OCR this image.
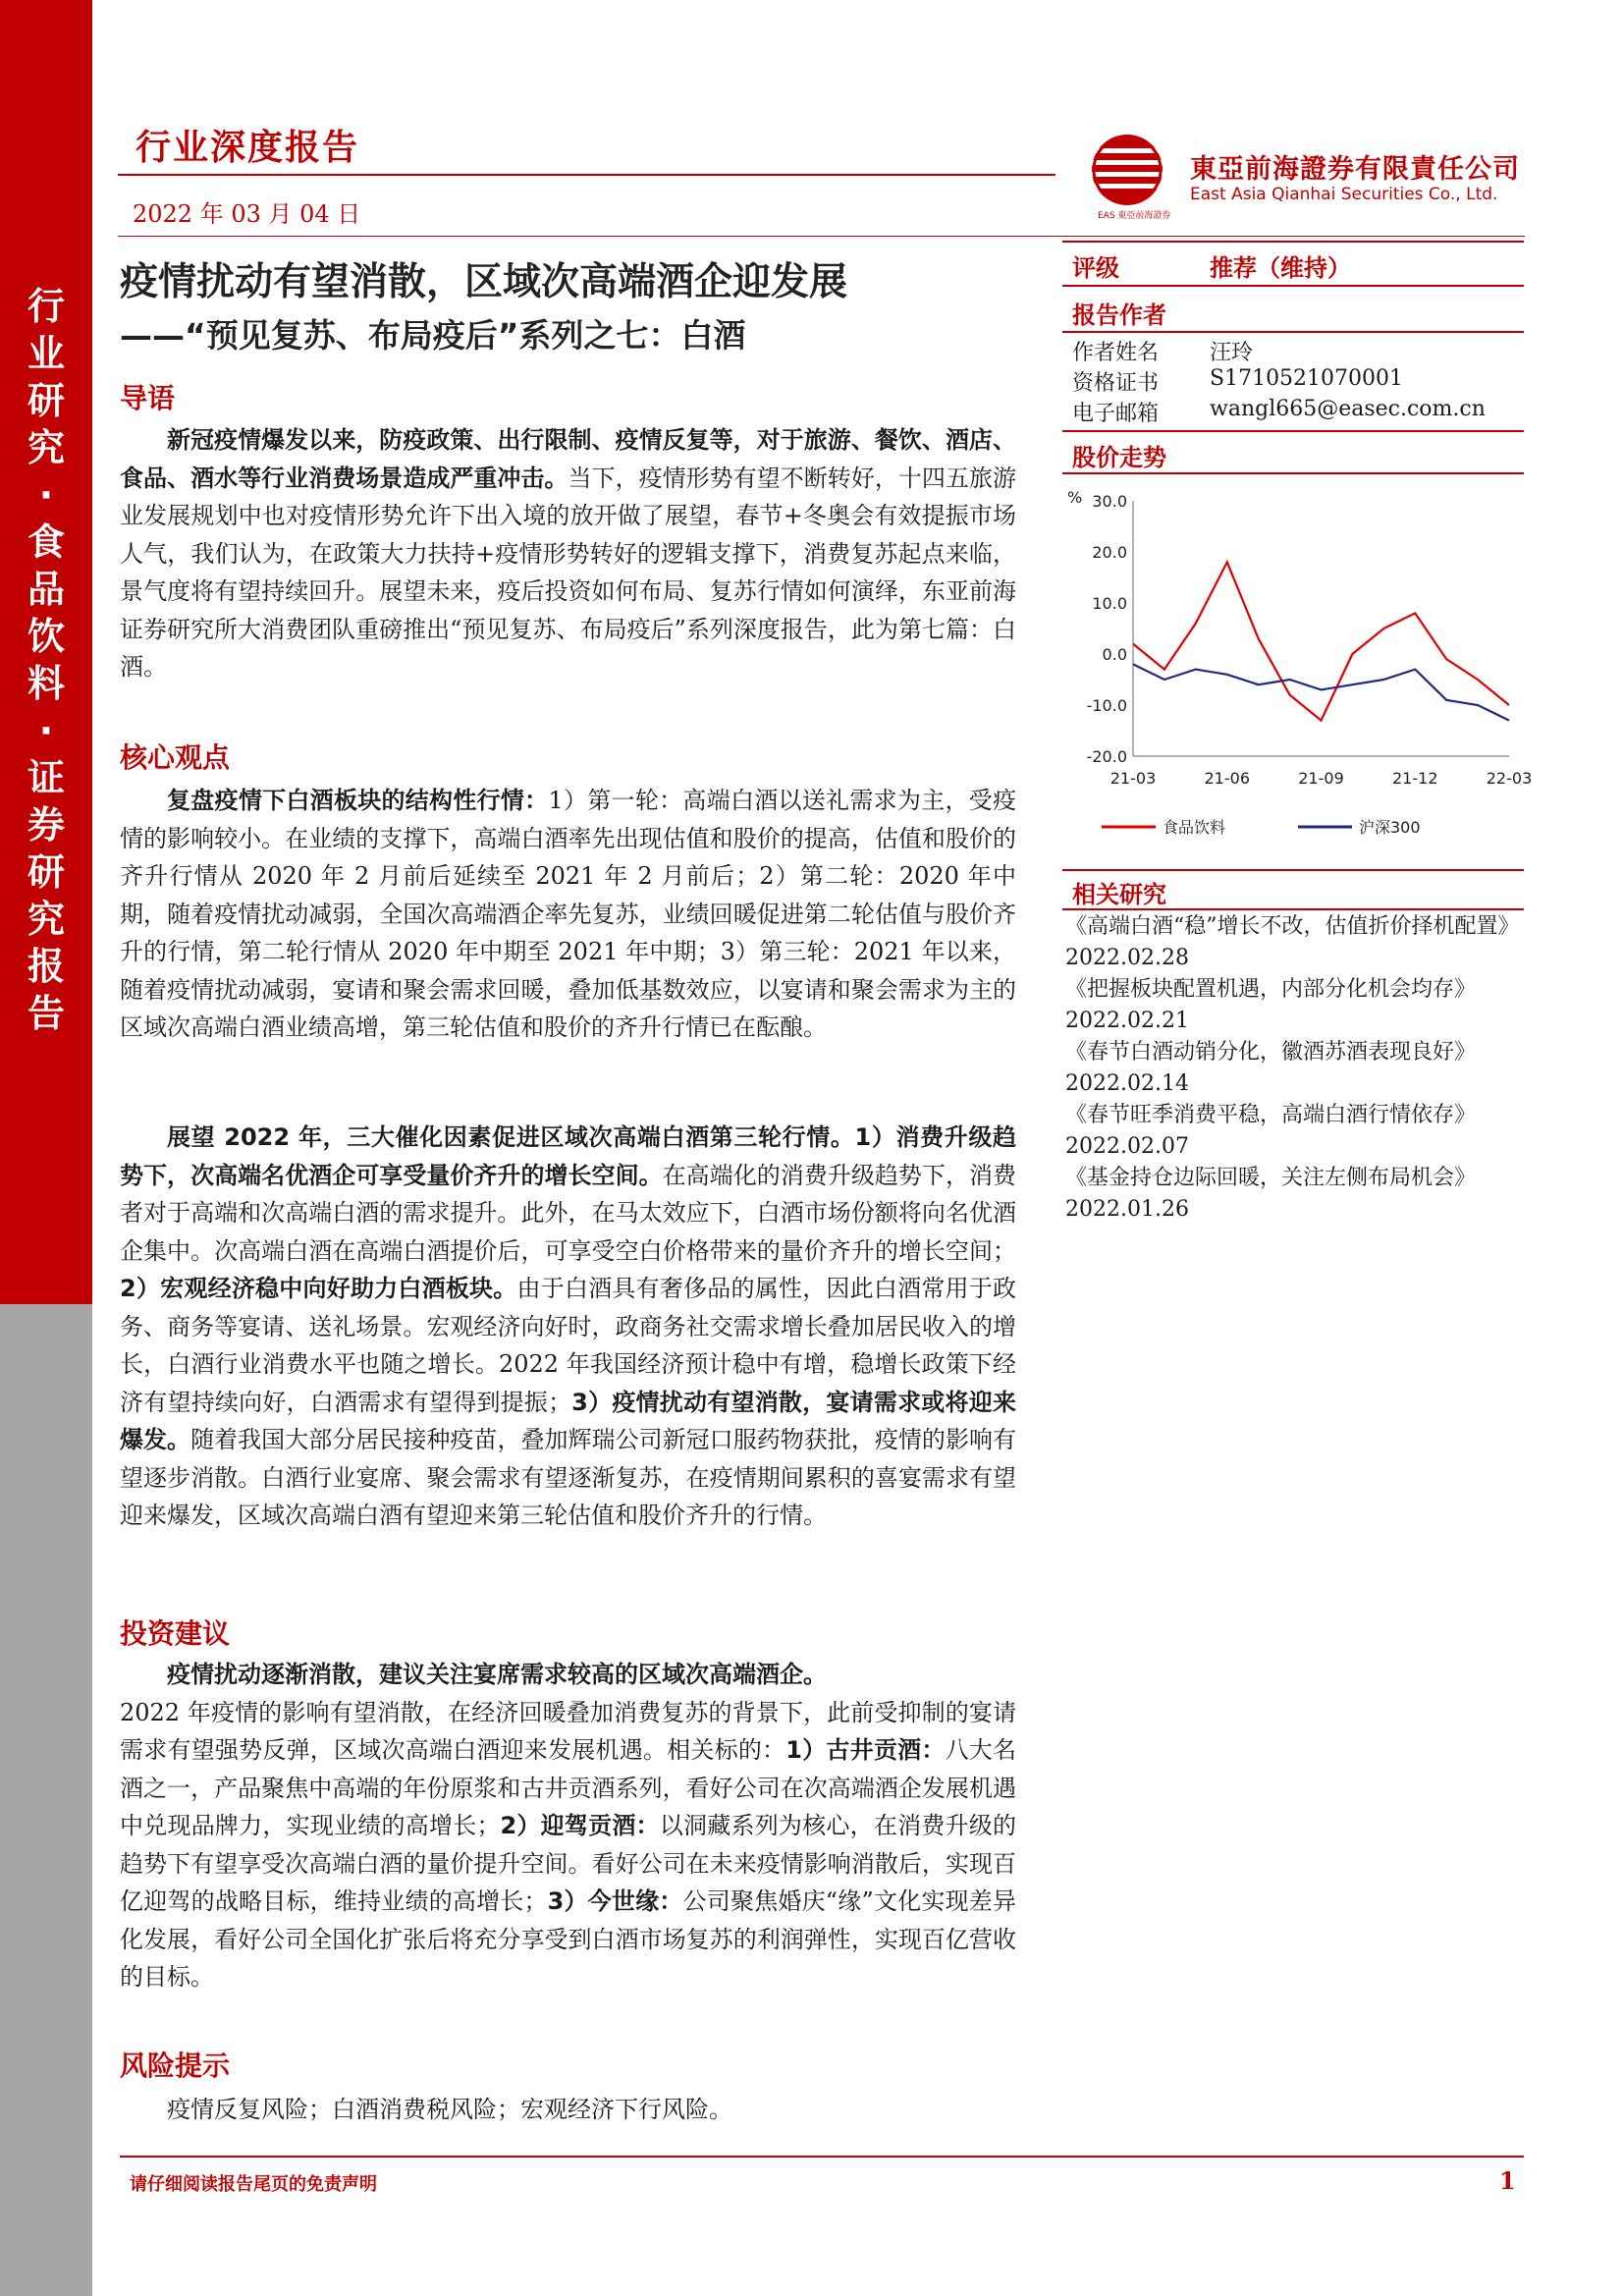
行业研究·食品饮料·证券研究报告
行业深度报告
2022 年 03 月 04 日	EAS 東亞前海證券
東亞前海證券有限責任公司
East Asia Qianhai Securities Co., Ltd.
疫情扰动有望消散，区域次高端酒企迎发展
——“预见复苏、布局疫后”系列之七：白酒
导语

新冠疫情爆发以来，防疫政策、出行限制、疫情反复等，对于旅游、餐饮、酒店、食品、酒水等行业消费场景造成严重冲击。当下，疫情形势有望不断转好，十四五旅游业发展规划中也对疫情形势允许下出入境的放开做了展望，春节+冬奥会有效提振市场人气，我们认为，在政策大力扶持+疫情形势转好的逻辑支撑下，消费复苏起点来临，景气度将有望持续回升。展望未来，疫后投资如何布局、复苏行情如何演绎，东亚前海证券研究所大消费团队重磅推出“预见复苏、布局疫后”系列深度报告，此为第七篇：白酒。

核心观点

复盘疫情下白酒板块的结构性行情：1）第一轮：高端白酒以送礼需求为主，受疫情的影响较小。在业绩的支撑下，高端白酒率先出现估值和股价的提高，估值和股价的齐升行情从 2020 年 2 月前后延续至 2021 年 2 月前后；2）第二轮：2020 年中期，随着疫情扰动减弱，全国次高端酒企率先复苏，业绩回暖促进第二轮估值与股价齐升的行情，第二轮行情从 2020 年中期至 2021 年中期；3）第三轮：2021 年以来，随着疫情扰动减弱，宴请和聚会需求回暖，叠加低基数效应，以宴请和聚会需求为主的区域次高端白酒业绩高增，第三轮估值和股价的齐升行情已在酝酿。

展望 2022 年，三大催化因素促进区域次高端白酒第三轮行情。1）消费升级趋势下，次高端名优酒企可享受量价齐升的增长空间。在高端化的消费升级趋势下，消费者对于高端和次高端白酒的需求提升。此外，在马太效应下，白酒市场份额将向名优酒企集中。次高端白酒在高端白酒提价后，可享受空白价格带来的量价齐升的增长空间；2）宏观经济稳中向好助力白酒板块。由于白酒具有奢侈品的属性，因此白酒常用于政务、商务等宴请、送礼场景。宏观经济向好时，政商务社交需求增长叠加居民收入的增长，白酒行业消费水平也随之增长。2022 年我国经济预计稳中有增，稳增长政策下经济有望持续向好，白酒需求有望得到提振；3）疫情扰动有望消散，宴请需求或将迎来爆发。随着我国大部分居民接种疫苗，叠加辉瑞公司新冠口服药物获批，疫情的影响有望逐步消散。白酒行业宴席、聚会需求有望逐渐复苏，在疫情期间累积的喜宴需求有望迎来爆发，区域次高端白酒有望迎来第三轮估值和股价齐升的行情。

投资建议

疫情扰动逐渐消散，建议关注宴席需求较高的区域次高端酒企。

2022 年疫情的影响有望消散，在经济回暖叠加消费复苏的背景下，此前受抑制的宴请需求有望强势反弹，区域次高端白酒迎来发展机遇。相关标的：1）古井贡酒：八大名酒之一，产品聚焦中高端的年份原浆和古井贡酒系列，看好公司在次高端酒企发展机遇中兑现品牌力，实现业绩的高增长；2）迎驾贡酒：以洞藏系列为核心，在消费升级的趋势下有望享受次高端白酒的量价提升空间。看好公司在未来疫情影响消散后，实现百亿迎驾的战略目标，维持业绩的高增长；3）今世缘：公司聚焦婚庆“缘”文化实现差异化发展，看好公司全国化扩张后将充分享受到白酒市场复苏的利润弹性，实现百亿营收的目标。

风险提示

疫情反复风险；白酒消费税风险；宏观经济下行风险。

评级	推荐（维持）
报告作者
作者姓名 汪玲
资格证书 S1710521070001
电子邮箱 wangl665@easec.com.cn
股价走势
% 30.0
20.0
10.0
0.0
-10.0
-20.0
21-03	21-06	21-09	21-12	22-03
食品饮料	沪深300
相关研究
《高端白酒“稳”增长不改，估值折价择机配置》2022.02.28
《把握板块配置机遇，内部分化机会均存》2022.02.21
《春节白酒动销分化，徽酒苏酒表现良好》2022.02.14
《春节旺季消费平稳，高端白酒行情依存》2022.02.07
《基金持仓边际回暖，关注左侧布局机会》2022.01.26
请仔细阅读报告尾页的免责声明	1
